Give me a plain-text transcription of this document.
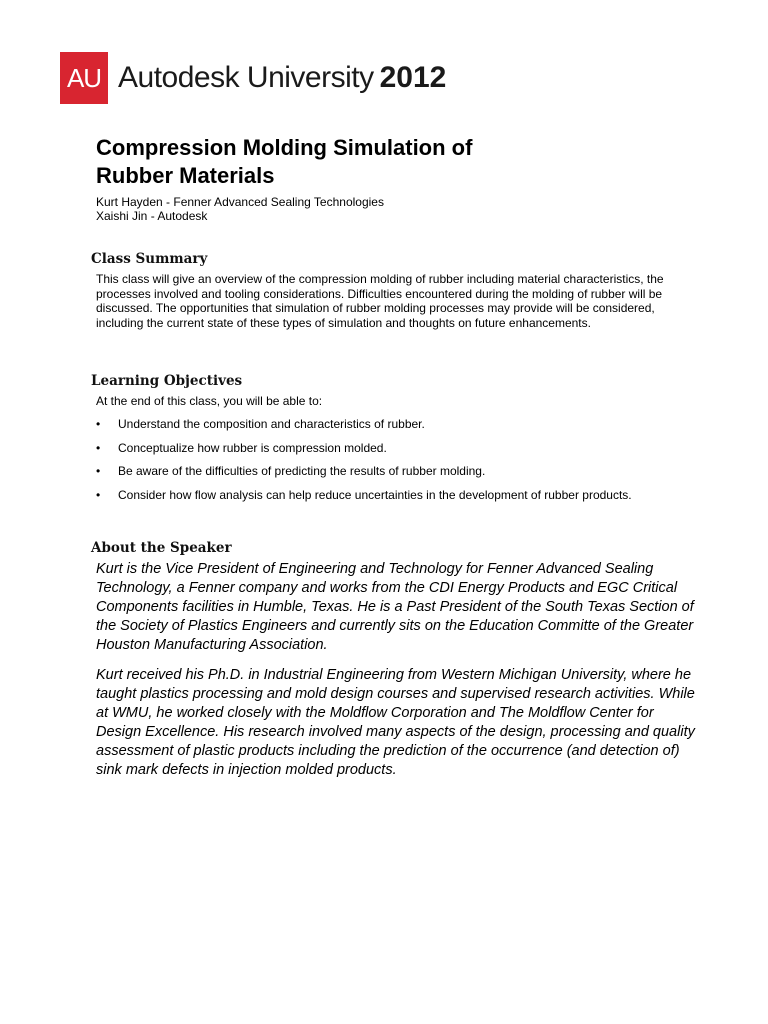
AU Autodesk University 2012
Compression Molding Simulation of
Rubber Materials
Kurt Hayden - Fenner Advanced Sealing Technologies
Xaishi Jin - Autodesk
Class Summary

This class will give an overview of the compression molding of rubber including material characteristics, the processes involved and tooling considerations. Difficulties encountered during the molding of rubber will be discussed. The opportunities that simulation of rubber molding processes may provide will be considered, including the current state of these types of simulation and thoughts on future enhancements.

Learning Objectives

At the end of this class, you will be able to:

• Understand the composition and characteristics of rubber.
• Conceptualize how rubber is compression molded.
• Be aware of the difficulties of predicting the results of rubber molding.
• Consider how flow analysis can help reduce uncertainties in the development of rubber products.
About the Speaker

Kurt is the Vice President of Engineering and Technology for Fenner Advanced Sealing Technology, a Fenner company and works from the CDI Energy Products and EGC Critical Components facilities in Humble, Texas. He is a Past President of the South Texas Section of the Society of Plastics Engineers and currently sits on the Education Committe of the Greater Houston Manufacturing Association.

Kurt received his Ph.D. in Industrial Engineering from Western Michigan University, where he taught plastics processing and mold design courses and supervised research activities. While at WMU, he worked closely with the Moldflow Corporation and The Moldflow Center for Design Excellence. His research involved many aspects of the design, processing and quality assessment of plastic products including the prediction of the occurrence (and detection of) sink mark defects in injection molded products.
